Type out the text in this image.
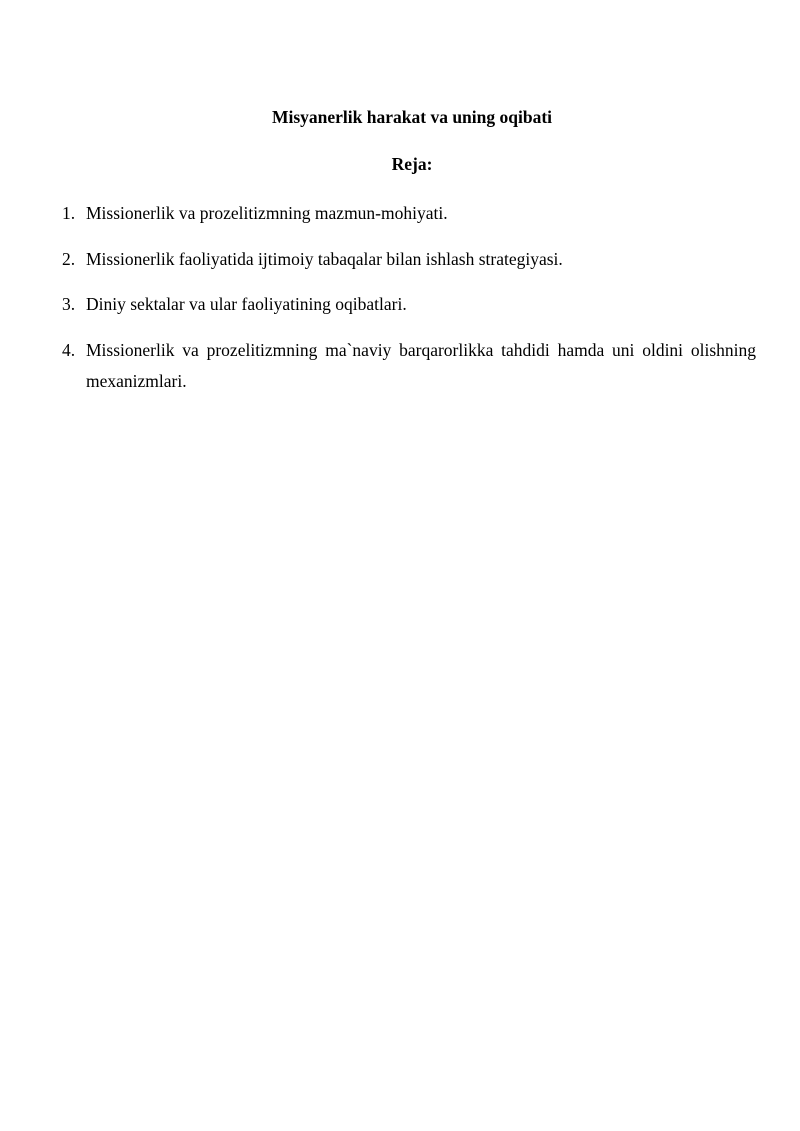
Misyanerlik harakat va uning oqibati
Reja:
1. Missionerlik va prozelitizmning mazmun-mohiyati.
2. Missionerlik faoliyatida ijtimoiy tabaqalar bilan ishlash strategiyasi.
3. Diniy sektalar va ular faoliyatining oqibatlari.
4. Missionerlik va prozelitizmning ma`naviy barqarorlikka tahdidi hamda uni oldini olishning mexanizmlari.
